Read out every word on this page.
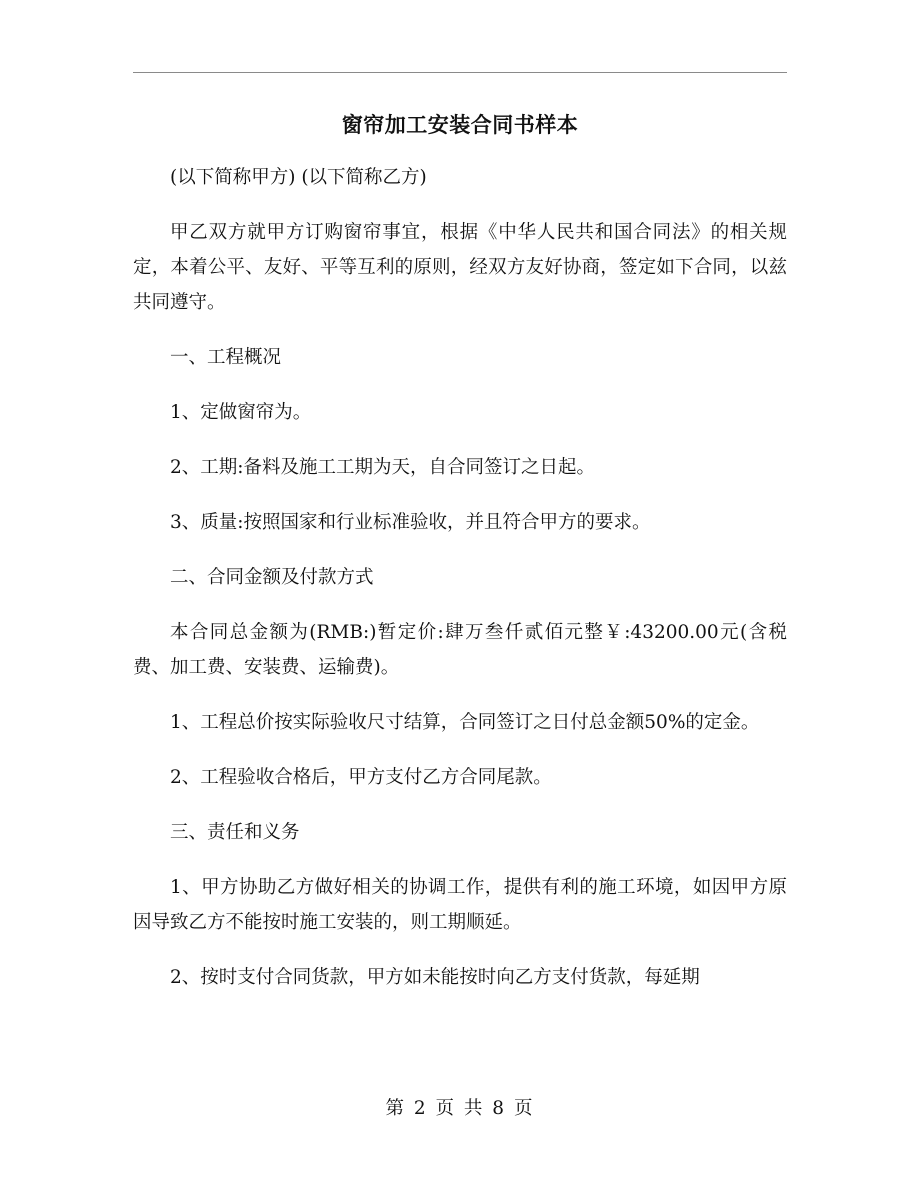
窗帘加工安装合同书样本

(以下简称甲方) (以下简称乙方)

甲乙双方就甲方订购窗帘事宜，根据《中华人民共和国合同法》的相关规定，本着公平、友好、平等互利的原则，经双方友好协商，签定如下合同，以兹共同遵守。

一、工程概况

1、定做窗帘为。

2、工期:备料及施工工期为天，自合同签订之日起。

3、质量:按照国家和行业标准验收，并且符合甲方的要求。

二、合同金额及付款方式

本合同总金额为(RMB:)暂定价:肆万叁仟贰佰元整￥:43200.00元(含税费、加工费、安装费、运输费)。

1、工程总价按实际验收尺寸结算，合同签订之日付总金额50%的定金。

2、工程验收合格后，甲方支付乙方合同尾款。

三、责任和义务

1、甲方协助乙方做好相关的协调工作，提供有利的施工环境，如因甲方原因导致乙方不能按时施工安装的，则工期顺延。

2、按时支付合同货款，甲方如未能按时向乙方支付货款，每延期

第 2 页 共 8 页
